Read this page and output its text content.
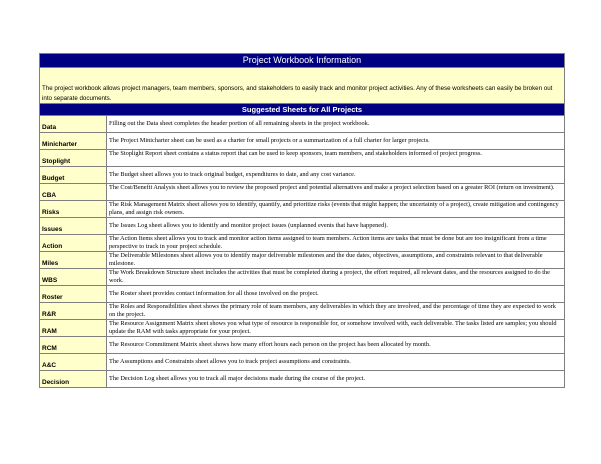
Project Workbook Information
The project workbook allows project managers, team members, sponsors, and stakeholders to easily track and monitor project activities. Any of these worksheets can easily be broken out into separate documents.
Suggested Sheets for All Projects
Data
Filling out the Data sheet completes the header portion of all remaining sheets in the project workbook.
Minicharter
The Project Minicharter sheet can be used as a charter for small projects or a summarization of a full charter for larger projects.
Stoplight
The Stoplight Report sheet contains a status report that can be used to keep sponsors, team members, and stakeholders informed of project progress.
Budget
The Budget sheet allows you to track original budget, expenditures to date, and any cost variance.
CBA
The Cost/Benefit Analysis sheet allows you to review the proposed project and potential alternatives and make a project selection based on a greater ROI (return on investment).
Risks
The Risk Management Matrix sheet allows you to identify, quantify, and prioritize risks (events that might happen; the uncertainty of a project), create mitigation and contingency plans, and assign risk owners.
Issues
The Issues Log sheet allows you to identify and monitor project issues (unplanned events that have happened).
Action
The Action Items sheet allows you to track and monitor action items assigned to team members. Action items are tasks that must be done but are too insignificant from a time perspective to track in your project schedule.
Miles
The Deliverable Milestones sheet allows you to identify major deliverable milestones and the due dates, objectives, assumptions, and constraints relevant to that deliverable milestone.
WBS
The Work Breakdown Structure sheet includes the activities that must be completed during a project, the effort required, all relevant dates, and the resources assigned to do the work.
Roster
The Roster sheet provides contact information for all those involved on the project.
R&R
The Roles and Responsibilities sheet shows the primary role of team members, any deliverables in which they are involved, and the percentage of time they are expected to work on the project.
RAM
The Resource Assignment Matrix sheet shows you what type of resource is responsible for, or somehow involved with, each deliverable. The tasks listed are samples; you should update the RAM with tasks appropriate for your project.
RCM
The Resource Commitment Matrix sheet shows how many effort hours each person on the project has been allocated by month.
A&C
The Assumptions and Constraints sheet allows you to track project assumptions and constraints.
Decision
The Decision Log sheet allows you to track all major decisions made during the course of the project.
